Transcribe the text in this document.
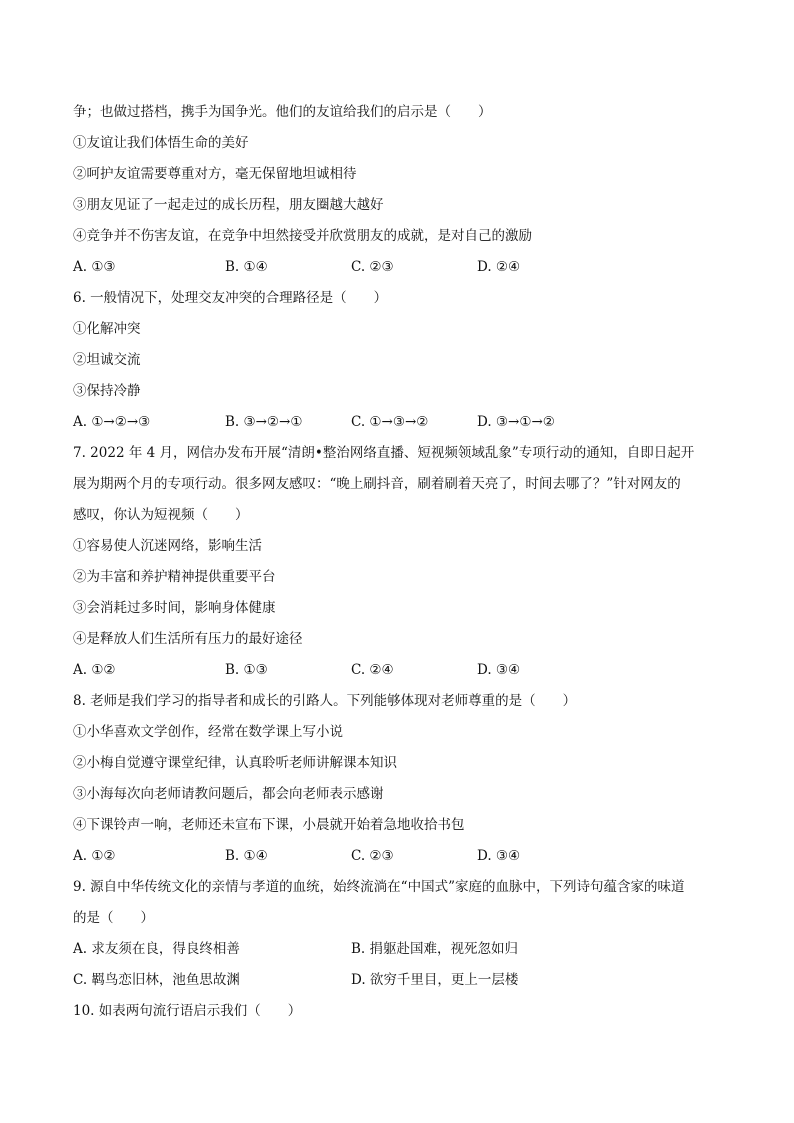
争；也做过搭档，携手为国争光。他们的友谊给我们的启示是（　　）
①友谊让我们体悟生命的美好
②呵护友谊需要尊重对方，毫无保留地坦诚相待
③朋友见证了一起走过的成长历程，朋友圈越大越好
④竞争并不伤害友谊，在竞争中坦然接受并欣赏朋友的成就，是对自己的激励
A. ①③	B. ①④	C. ②③	D. ②④
6. 一般情况下，处理交友冲突的合理路径是（　　）
①化解冲突
②坦诚交流
③保持冷静
A. ①→②→③	B. ③→②→①	C. ①→③→②	D. ③→①→②
7. 2022 年 4 月，网信办发布开展“清朗•整治网络直播、短视频领域乱象”专项行动的通知，自即日起开
展为期两个月的专项行动。很多网友感叹：“晚上刷抖音，刷着刷着天亮了，时间去哪了？”针对网友的
感叹，你认为短视频（　　）
①容易使人沉迷网络，影响生活
②为丰富和养护精神提供重要平台
③会消耗过多时间，影响身体健康
④是释放人们生活所有压力的最好途径
A. ①②	B. ①③	C. ②④	D. ③④
8. 老师是我们学习的指导者和成长的引路人。下列能够体现对老师尊重的是（　　）
①小华喜欢文学创作，经常在数学课上写小说
②小梅自觉遵守课堂纪律，认真聆听老师讲解课本知识
③小海每次向老师请教问题后，都会向老师表示感谢
④下课铃声一响，老师还未宣布下课，小晨就开始着急地收拾书包
A. ①②	B. ①④	C. ②③	D. ③④
9. 源自中华传统文化的亲情与孝道的血统，始终流淌在“中国式”家庭的血脉中，下列诗句蕴含家的味道
的是（　　）
A. 求友须在良，得良终相善	B. 捐躯赴国难，视死忽如归
C. 羁鸟恋旧林，池鱼思故渊	D. 欲穷千里目，更上一层楼
10. 如表两句流行语启示我们（　　）
